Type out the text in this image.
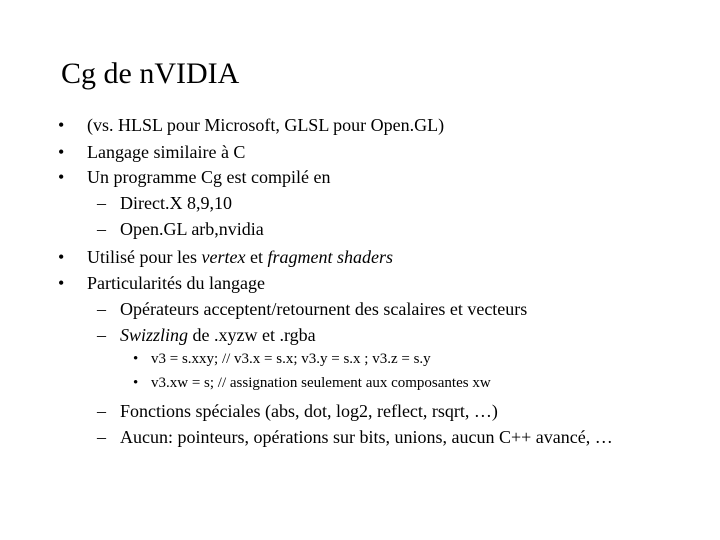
Cg de nVIDIA
• (vs. HLSL pour Microsoft, GLSL pour Open.GL)
• Langage similaire à C
• Un programme Cg est compilé en
– Direct.X 8,9,10
– Open.GL arb,nvidia
• Utilisé pour les vertex et fragment shaders
• Particularités du langage
– Opérateurs acceptent/retournent des scalaires et vecteurs
– Swizzling de .xyzw et .rgba
• v3 = s.xxy; // v3.x = s.x; v3.y = s.x ; v3.z = s.y
• v3.xw = s; // assignation seulement aux composantes xw
– Fonctions spéciales (abs, dot, log2, reflect, rsqrt, …)
– Aucun: pointeurs, opérations sur bits, unions, aucun C++ avancé, …
